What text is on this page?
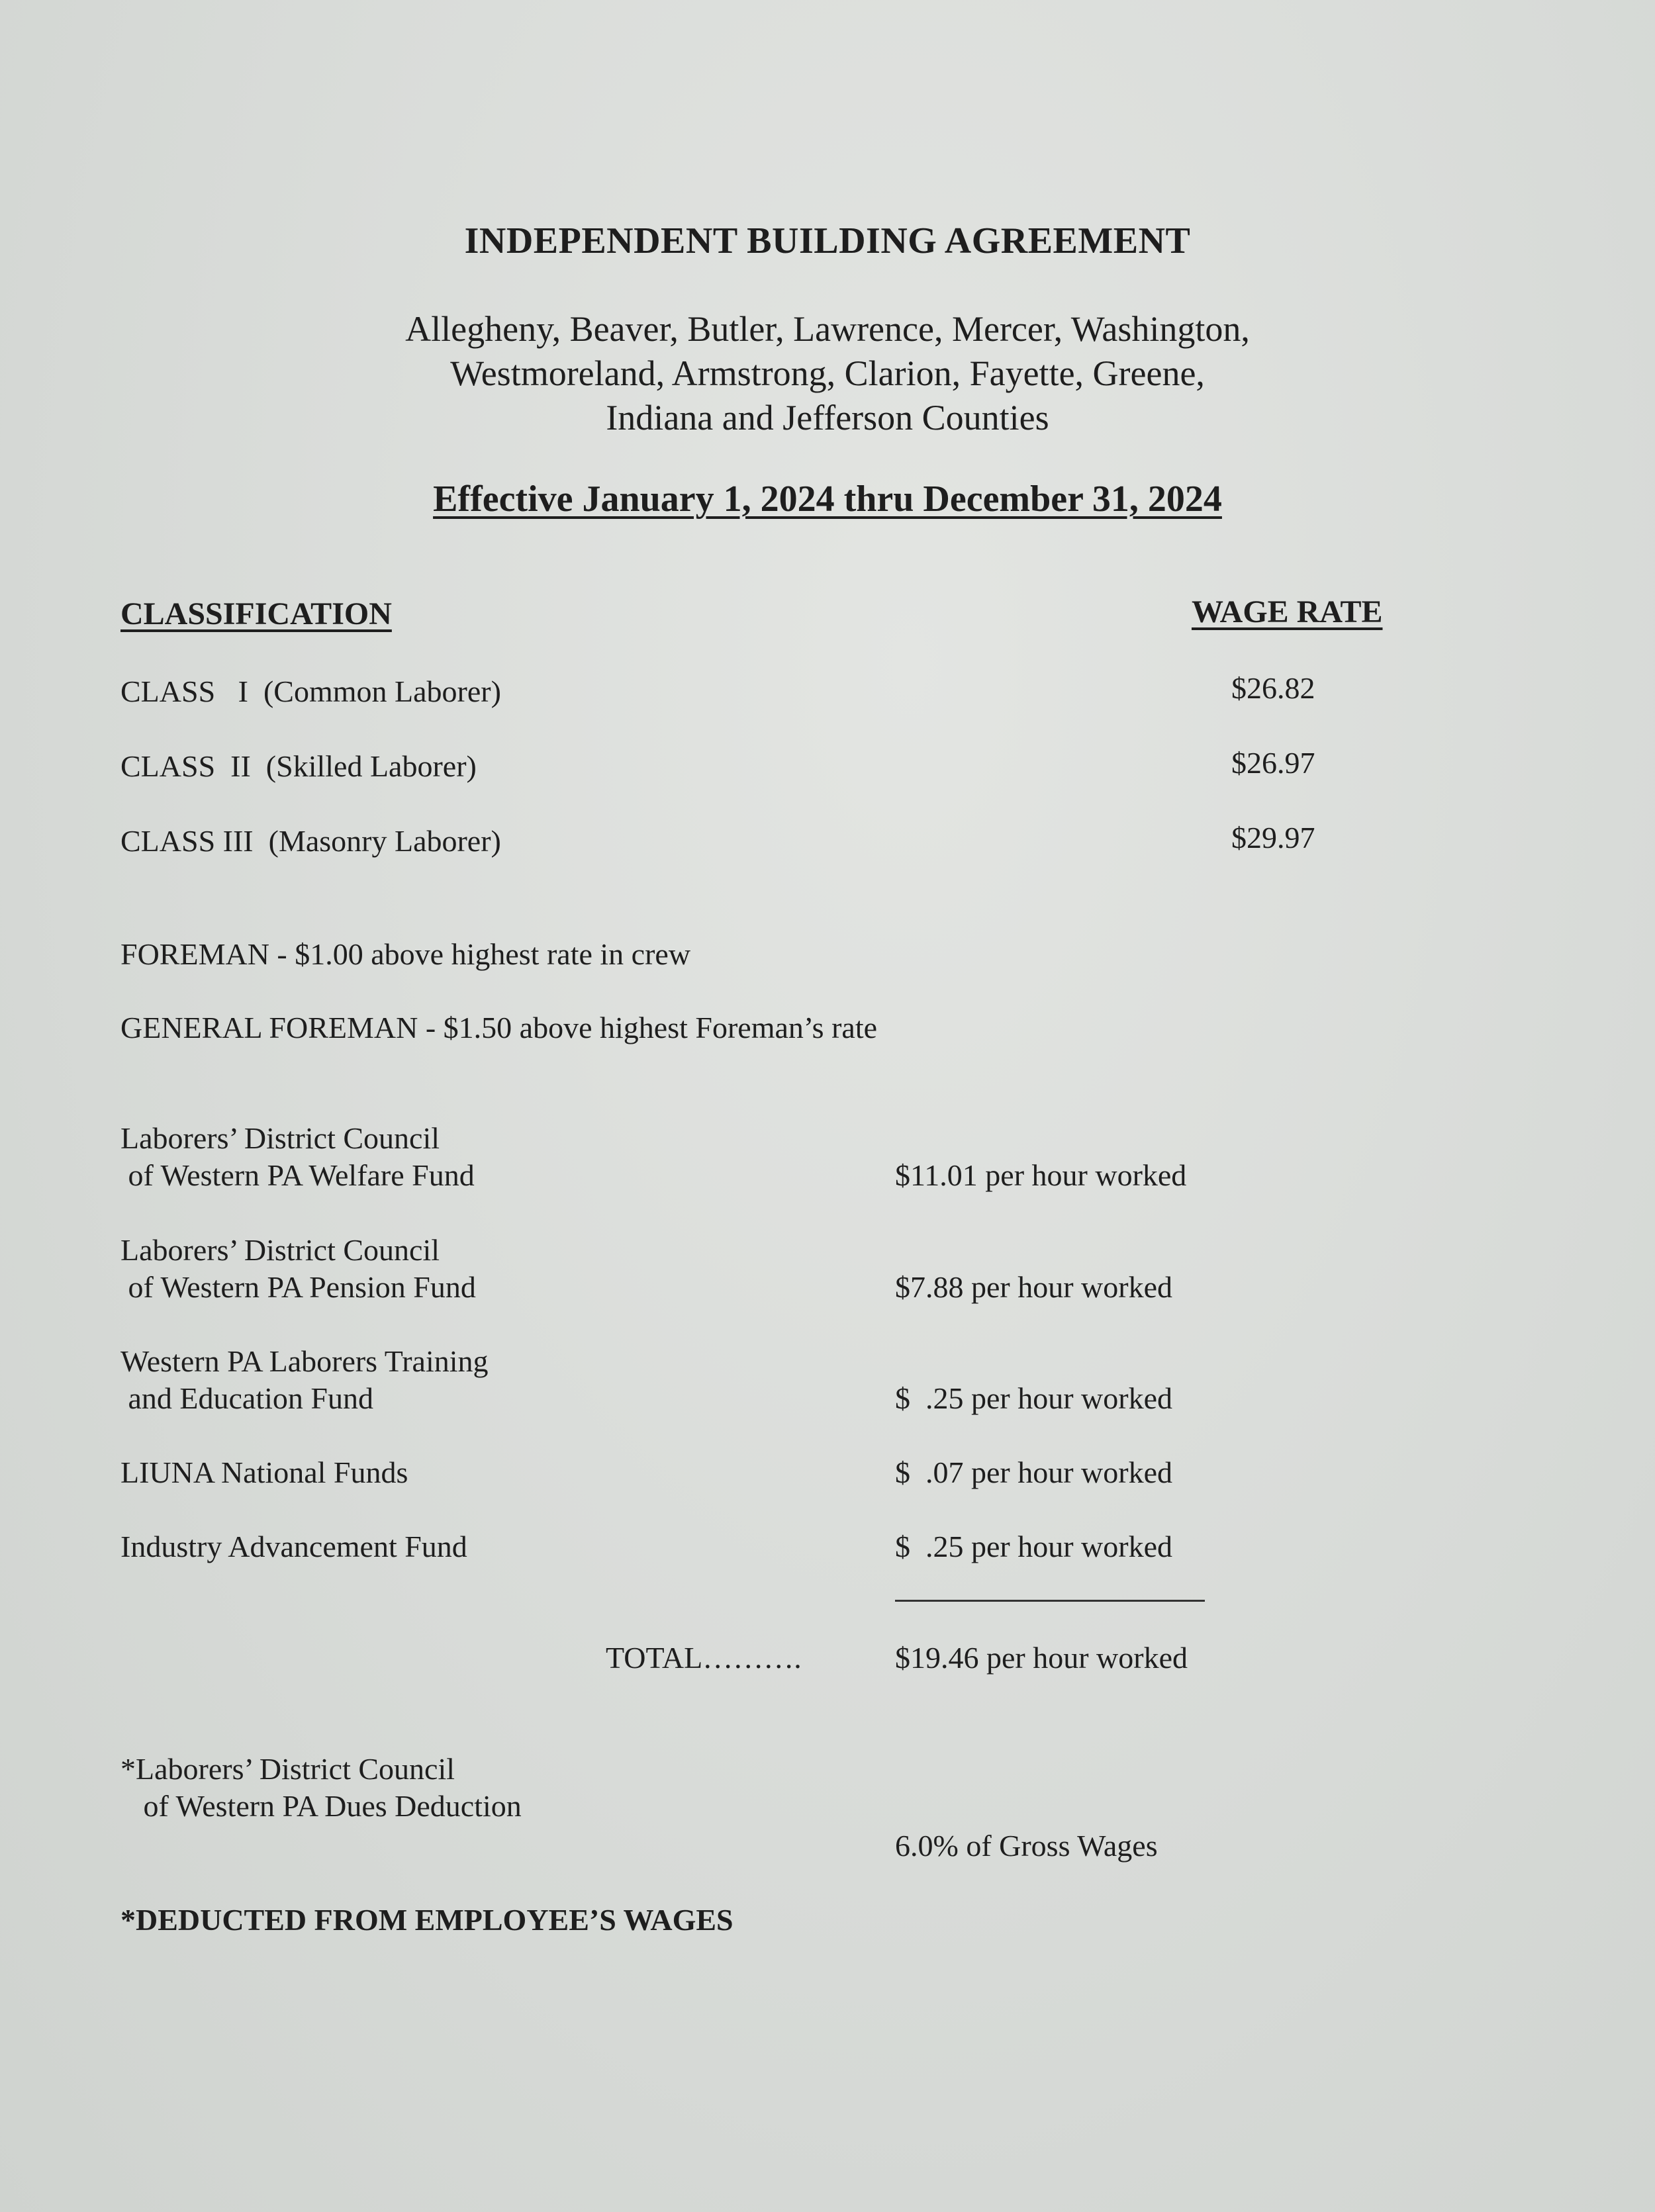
INDEPENDENT BUILDING AGREEMENT
Allegheny, Beaver, Butler, Lawrence, Mercer, Washington,
Westmoreland, Armstrong, Clarion, Fayette, Greene,
Indiana and Jefferson Counties
Effective January 1, 2024 thru December 31, 2024
CLASSIFICATION	WAGE RATE
CLASS   I  (Common Laborer)	$26.82
CLASS  II  (Skilled Laborer)	$26.97
CLASS III  (Masonry Laborer)	$29.97
FOREMAN - $1.00 above highest rate in crew
GENERAL FOREMAN - $1.50 above highest Foreman’s rate
Laborers’ District Council
of Western PA Welfare Fund	$11.01 per hour worked
Laborers’ District Council
of Western PA Pension Fund	$7.88 per hour worked
Western PA Laborers Training
and Education Fund	$  .25 per hour worked
LIUNA National Funds	$  .07 per hour worked
Industry Advancement Fund	$  .25 per hour worked
TOTAL……….	$19.46 per hour worked
*Laborers’ District Council
of Western PA Dues Deduction
6.0% of Gross Wages
*DEDUCTED FROM EMPLOYEE’S WAGES
